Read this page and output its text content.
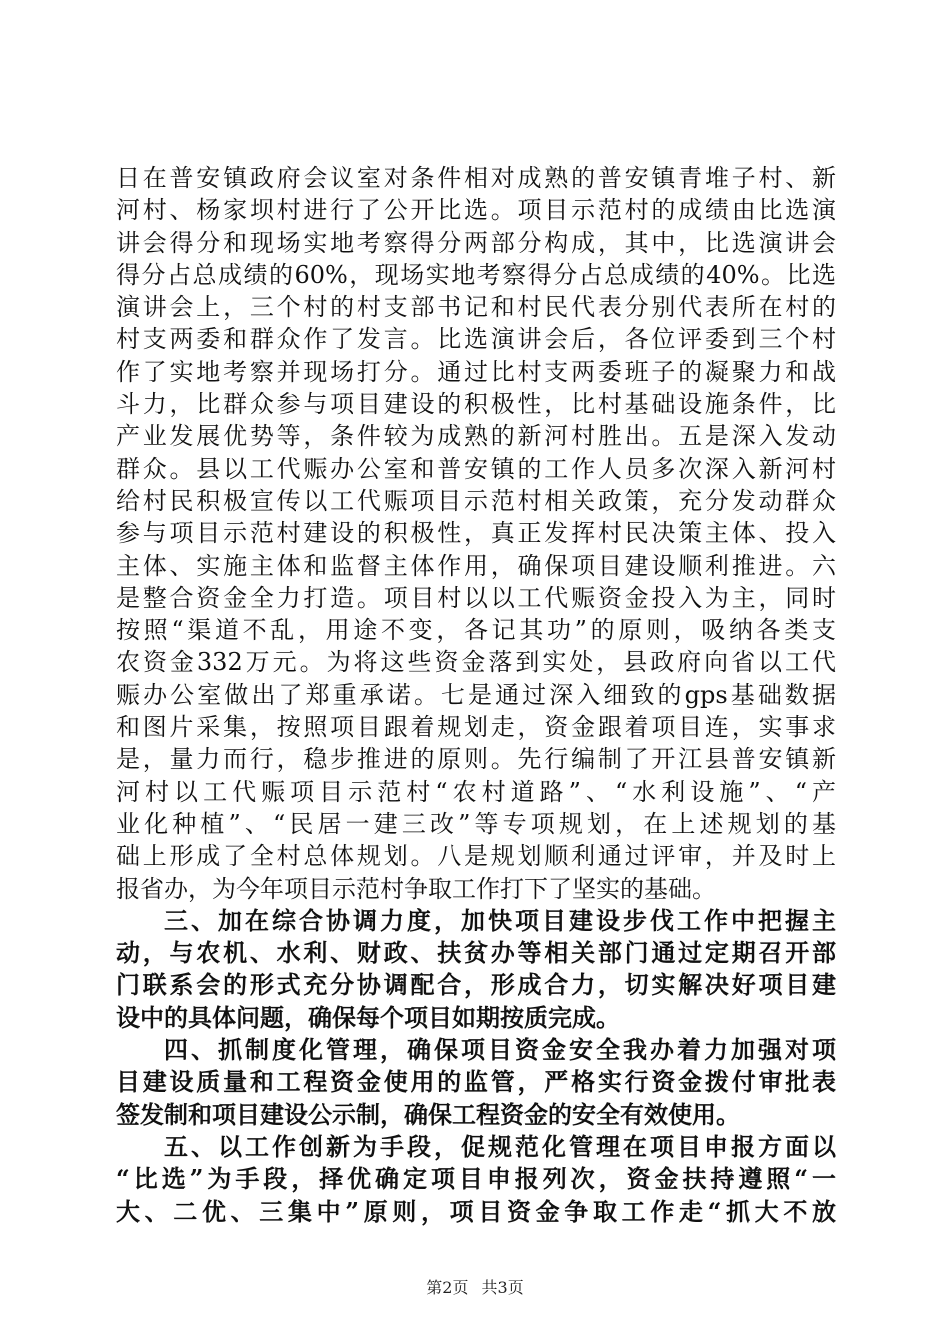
日在普安镇政府会议室对条件相对成熟的普安镇青堆子村、新
河村、杨家坝村进行了公开比选。项目示范村的成绩由比选演
讲会得分和现场实地考察得分两部分构成，其中，比选演讲会
得分占总成绩的60%，现场实地考察得分占总成绩的40%。比选
演讲会上，三个村的村支部书记和村民代表分别代表所在村的
村支两委和群众作了发言。比选演讲会后，各位评委到三个村
作了实地考察并现场打分。通过比村支两委班子的凝聚力和战
斗力，比群众参与项目建设的积极性，比村基础设施条件，比
产业发展优势等，条件较为成熟的新河村胜出。五是深入发动
群众。县以工代赈办公室和普安镇的工作人员多次深入新河村
给村民积极宣传以工代赈项目示范村相关政策，充分发动群众
参与项目示范村建设的积极性，真正发挥村民决策主体、投入
主体、实施主体和监督主体作用，确保项目建设顺利推进。六
是整合资金全力打造。项目村以以工代赈资金投入为主，同时
按照“渠道不乱，用途不变，各记其功”的原则，吸纳各类支
农资金332万元。为将这些资金落到实处，县政府向省以工代
赈办公室做出了郑重承诺。七是通过深入细致的gps基础数据
和图片采集，按照项目跟着规划走，资金跟着项目连，实事求
是，量力而行，稳步推进的原则。先行编制了开江县普安镇新
河村以工代赈项目示范村“农村道路”、“水利设施”、“产
业化种植”、“民居一建三改”等专项规划，在上述规划的基
础上形成了全村总体规划。八是规划顺利通过评审，并及时上
报省办，为今年项目示范村争取工作打下了坚实的基础。
三、加在综合协调力度，加快项目建设步伐工作中把握主
动，与农机、水利、财政、扶贫办等相关部门通过定期召开部
门联系会的形式充分协调配合，形成合力，切实解决好项目建
设中的具体问题，确保每个项目如期按质完成。
四、抓制度化管理，确保项目资金安全我办着力加强对项
目建设质量和工程资金使用的监管，严格实行资金拨付审批表
签发制和项目建设公示制，确保工程资金的安全有效使用。
五、以工作创新为手段，促规范化管理在项目申报方面以
“比选”为手段，择优确定项目申报列次，资金扶持遵照“一
大、二优、三集中”原则，项目资金争取工作走“抓大不放
第2页 共3页
